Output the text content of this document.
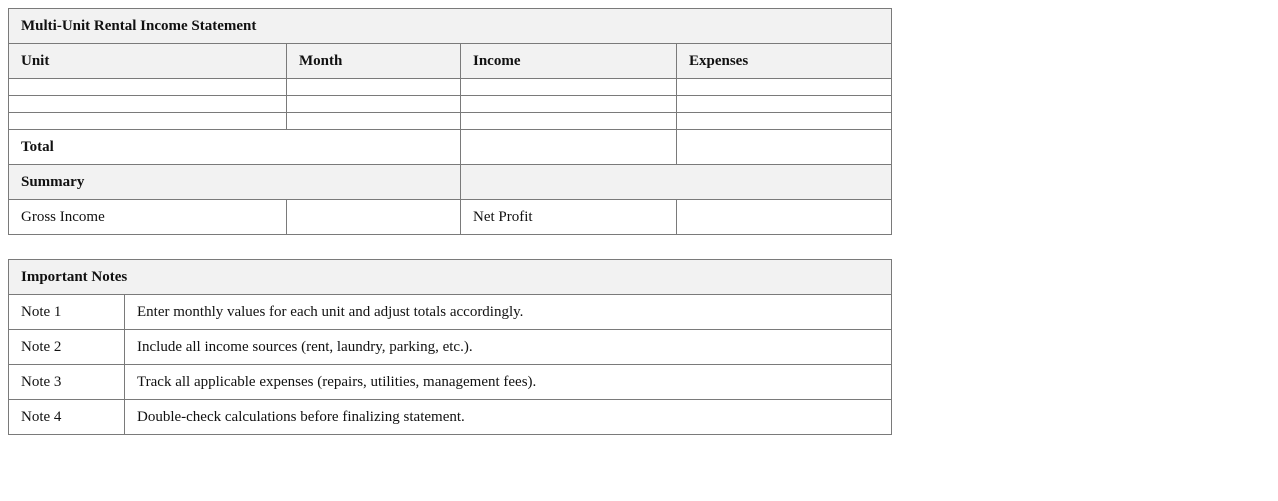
Multi-Unit Rental Income Statement			
Unit	Month	Income	Expenses

Total			
Summary			
Gross Income		Net Profit	
Important Notes	
Note 1	Enter monthly values for each unit and adjust totals accordingly.
Note 2	Include all income sources (rent, laundry, parking, etc.).
Note 3	Track all applicable expenses (repairs, utilities, management fees).
Note 4	Double-check calculations before finalizing statement.
